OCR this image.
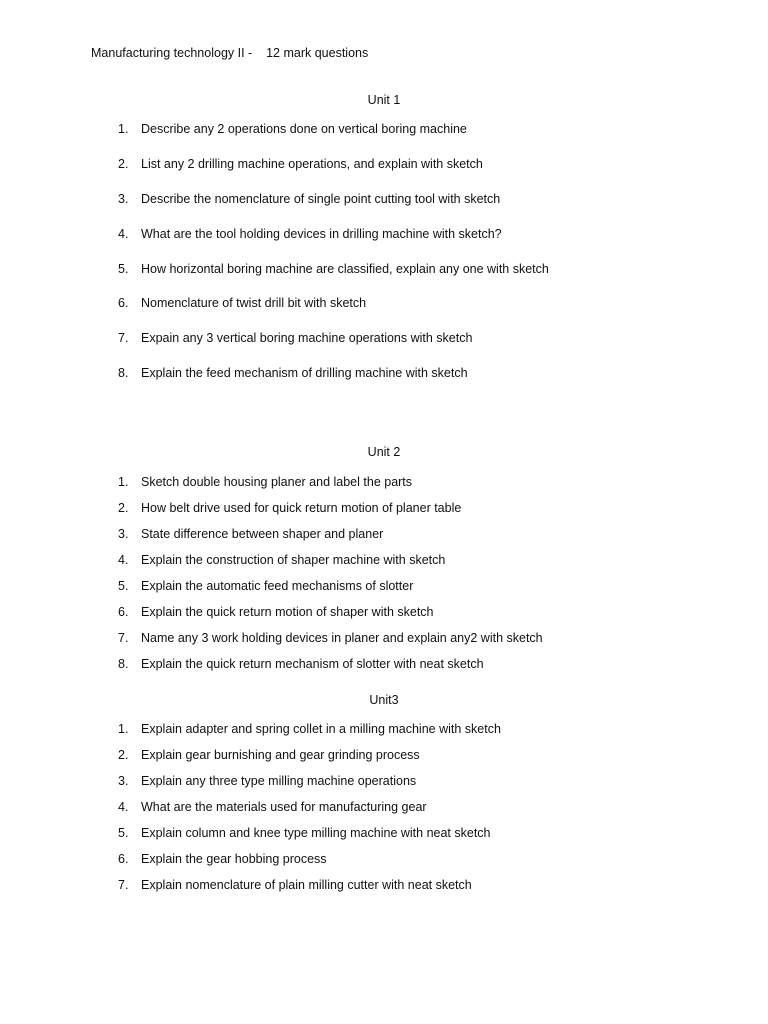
Manufacturing technology II -    12 mark questions
Unit 1
1. Describe any 2 operations done on vertical boring machine
2. List any 2 drilling machine operations, and explain with sketch
3. Describe the nomenclature of single point cutting tool with sketch
4. What are the tool holding devices in drilling machine with sketch?
5. How horizontal boring machine are classified, explain any one with sketch
6. Nomenclature of twist drill bit with sketch
7. Expain any 3 vertical boring machine operations with sketch
8. Explain the feed mechanism of drilling machine with sketch
Unit 2
1. Sketch double housing planer and label the parts
2. How belt drive used for quick return motion of planer table
3. State difference between shaper and planer
4. Explain the construction of shaper machine with sketch
5. Explain the automatic feed mechanisms of slotter
6. Explain the quick return motion of shaper with sketch
7. Name any 3 work holding devices in planer and explain any2 with sketch
8. Explain the quick return mechanism of slotter with neat sketch
Unit3
1. Explain adapter and spring collet in a milling machine with sketch
2. Explain gear burnishing and gear grinding process
3. Explain any three type milling machine operations
4. What are the materials used for manufacturing gear
5. Explain column and knee type milling machine with neat sketch
6. Explain the gear hobbing process
7. Explain nomenclature of plain milling cutter with neat sketch
